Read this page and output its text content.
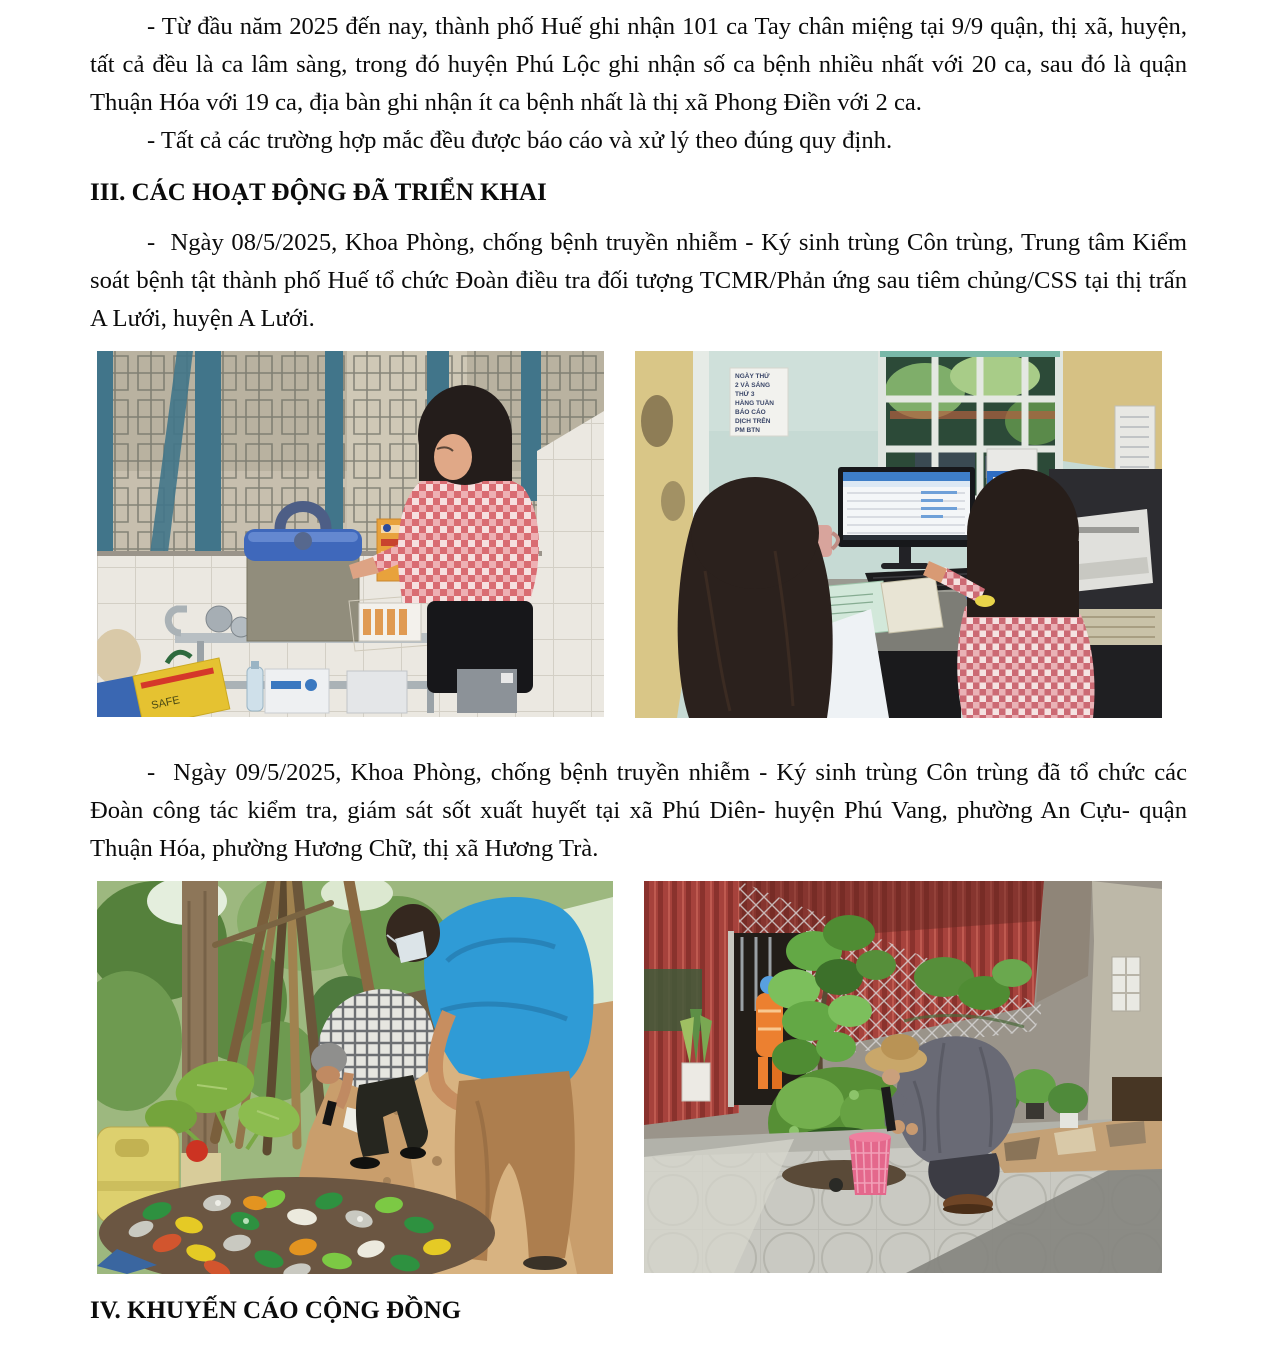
- Từ đầu năm 2025 đến nay, thành phố Huế ghi nhận 101 ca Tay chân miệng tại 9/9 quận, thị xã, huyện, tất cả đều là ca lâm sàng, trong đó huyện Phú Lộc ghi nhận số ca bệnh nhiều nhất với 20 ca, sau đó là quận Thuận Hóa với 19 ca, địa bàn ghi nhận ít ca bệnh nhất là thị xã Phong Điền với 2 ca.

- Tất cả các trường hợp mắc đều được báo cáo và xử lý theo đúng quy định.

III. CÁC HOẠT ĐỘNG ĐÃ TRIỂN KHAI

-  Ngày 08/5/2025, Khoa Phòng, chống bệnh truyền nhiễm - Ký sinh trùng Côn trùng, Trung tâm Kiểm soát bệnh tật thành phố Huế tổ chức Đoàn điều tra đối tượng TCMR/Phản ứng sau tiêm chủng/CSS tại thị trấn A Lưới, huyện A Lưới.

SAFE
NGÀY THỨ
2 VÀ SÁNG
THỨ 3
HÀNG TUẦN
BÁO CÁO
DỊCH TRÊN
PM BTN

-  Ngày 09/5/2025, Khoa Phòng, chống bệnh truyền nhiễm - Ký sinh trùng Côn trùng đã tổ chức các Đoàn công tác kiểm tra, giám sát sốt xuất huyết tại xã Phú Diên- huyện Phú Vang, phường An Cựu- quận Thuận Hóa, phường Hương Chữ, thị xã Hương Trà.

IV. KHUYẾN CÁO CỘNG ĐỒNG
